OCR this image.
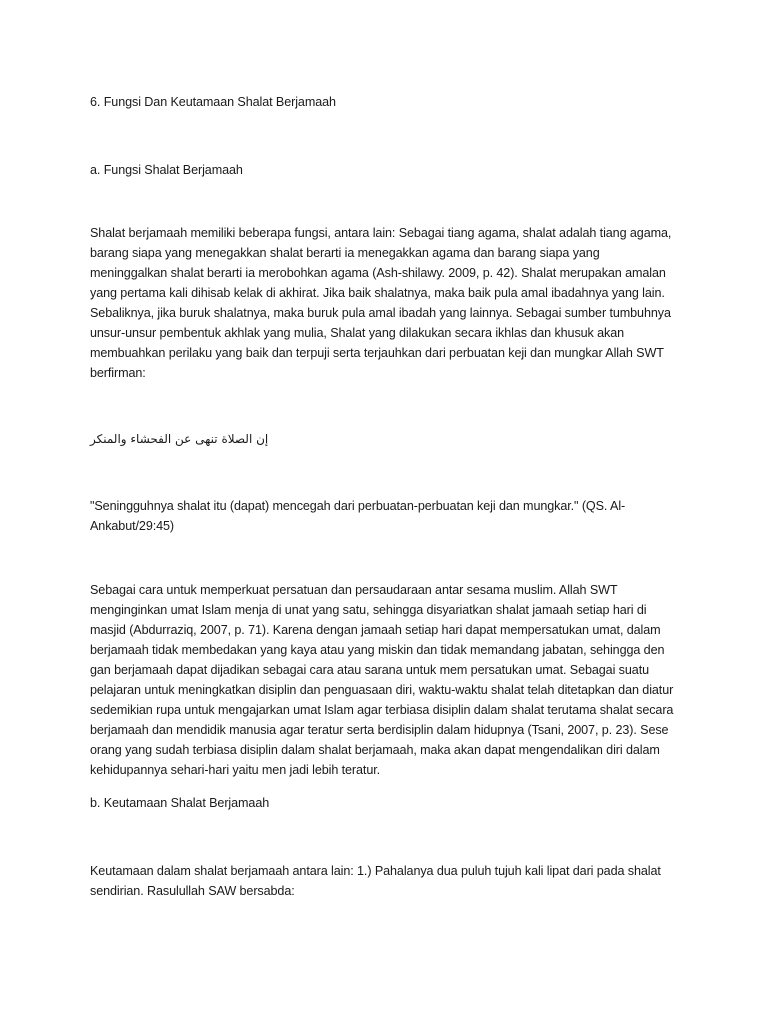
6. Fungsi Dan Keutamaan Shalat Berjamaah

a. Fungsi Shalat Berjamaah

Shalat berjamaah memiliki beberapa fungsi, antara lain: Sebagai tiang agama, shalat adalah tiang agama, barang siapa yang menegakkan shalat berarti ia menegakkan agama dan barang siapa yang meninggalkan shalat berarti ia merobohkan agama (Ash-shilawy. 2009, p. 42). Shalat merupakan amalan yang pertama kali dihisab kelak di akhirat. Jika baik shalatnya, maka baik pula amal ibadahnya yang lain. Sebaliknya, jika buruk shalatnya, maka buruk pula amal ibadah yang lainnya. Sebagai sumber tumbuhnya unsur-unsur pembentuk akhlak yang mulia, Shalat yang dilakukan secara ikhlas dan khusuk akan membuahkan perilaku yang baik dan terpuji serta terjauhkan dari perbuatan keji dan mungkar Allah SWT berfirman:

إن الصلاة تنهى عن الفحشاء والمنكر

"Seningguhnya shalat itu (dapat) mencegah dari perbuatan-perbuatan keji dan mungkar." (QS. Al-Ankabut/29:45)

Sebagai cara untuk memperkuat persatuan dan persaudaraan antar sesama muslim. Allah SWT menginginkan umat Islam menja di unat yang satu, sehingga disyariatkan shalat jamaah setiap hari di masjid (Abdurraziq, 2007, p. 71). Karena dengan jamaah setiap hari dapat mempersatukan umat, dalam berjamaah tidak membedakan yang kaya atau yang miskin dan tidak memandang jabatan, sehingga den gan berjamaah dapat dijadikan sebagai cara atau sarana untuk mem persatukan umat. Sebagai suatu pelajaran untuk meningkatkan disiplin dan penguasaan diri, waktu-waktu shalat telah ditetapkan dan diatur sedemikian rupa untuk mengajarkan umat Islam agar terbiasa disiplin dalam shalat terutama shalat secara berjamaah dan mendidik manusia agar teratur serta berdisiplin dalam hidupnya (Tsani, 2007, p. 23). Sese orang yang sudah terbiasa disiplin dalam shalat berjamaah, maka akan dapat mengendalikan diri dalam kehidupannya sehari-hari yaitu men jadi lebih teratur.

b. Keutamaan Shalat Berjamaah

Keutamaan dalam shalat berjamaah antara lain: 1.) Pahalanya dua puluh tujuh kali lipat dari pada shalat sendirian. Rasulullah SAW bersabda:
